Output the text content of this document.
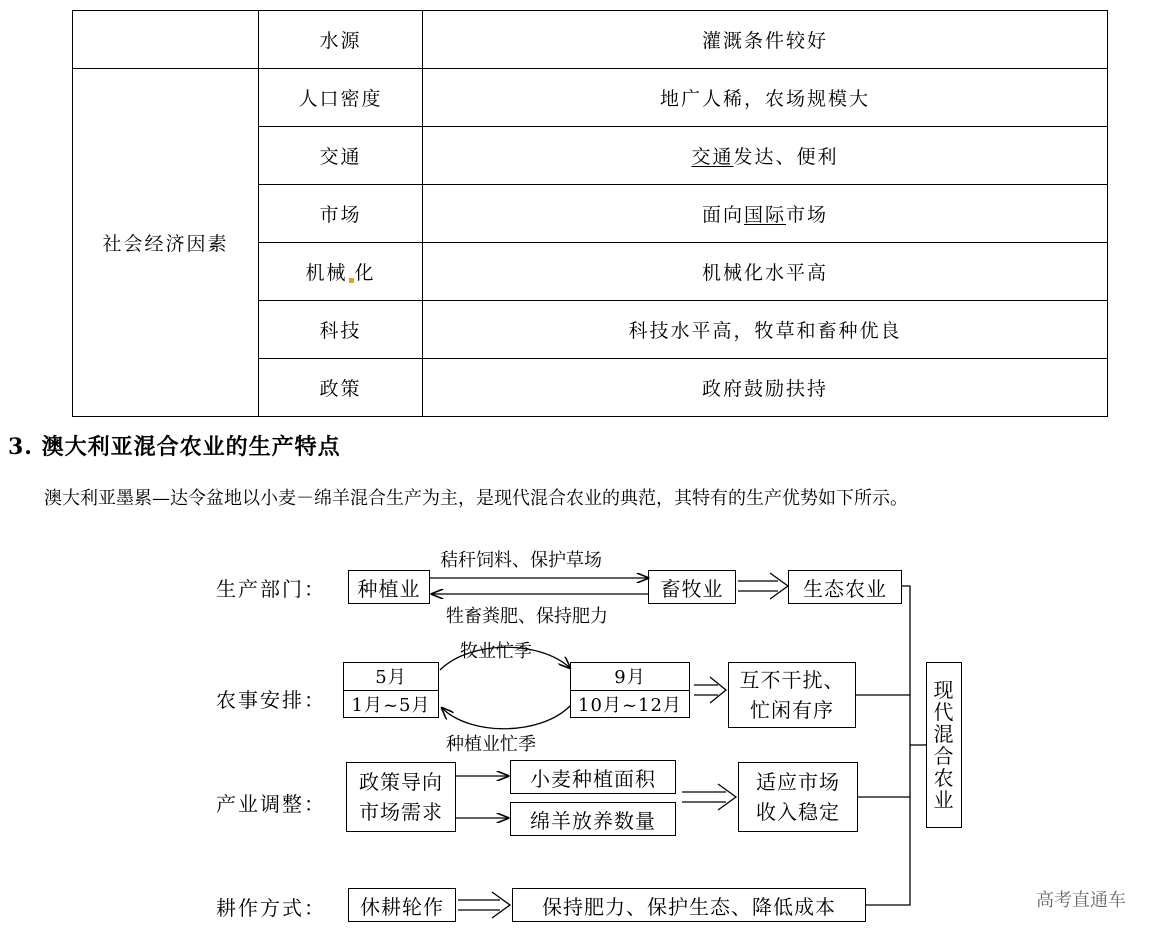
	水源	灌溉条件较好
社会经济因素	人口密度	地广人稀，农场规模大
	交通	交通发达、便利
	市场	面向国际市场
	机械 化	机械化水平高
	科技	科技水平高，牧草和畜种优良
	政策	政府鼓励扶持
3. 澳大利亚混合农业的生产特点
澳大利亚墨累—达令盆地以小麦－绵羊混合生产为主，是现代混合农业的典范，其特有的生产优势如下所示。
生产部门：	种植业
秸秆饲料、保护草场
牲畜粪肥、保持肥力
畜牧业	生态农业
农事安排：
5月
1月~5月
牧业忙季
种植业忙季
9月
10月~12月
互不干扰、
忙闲有序
产业调整：
政策导向
市场需求
小麦种植面积
绵羊放养数量
适应市场
收入稳定
耕作方式：	休耕轮作	保持肥力、保护生态、降低成本
现
代
混
合
农
业
高考直通车
